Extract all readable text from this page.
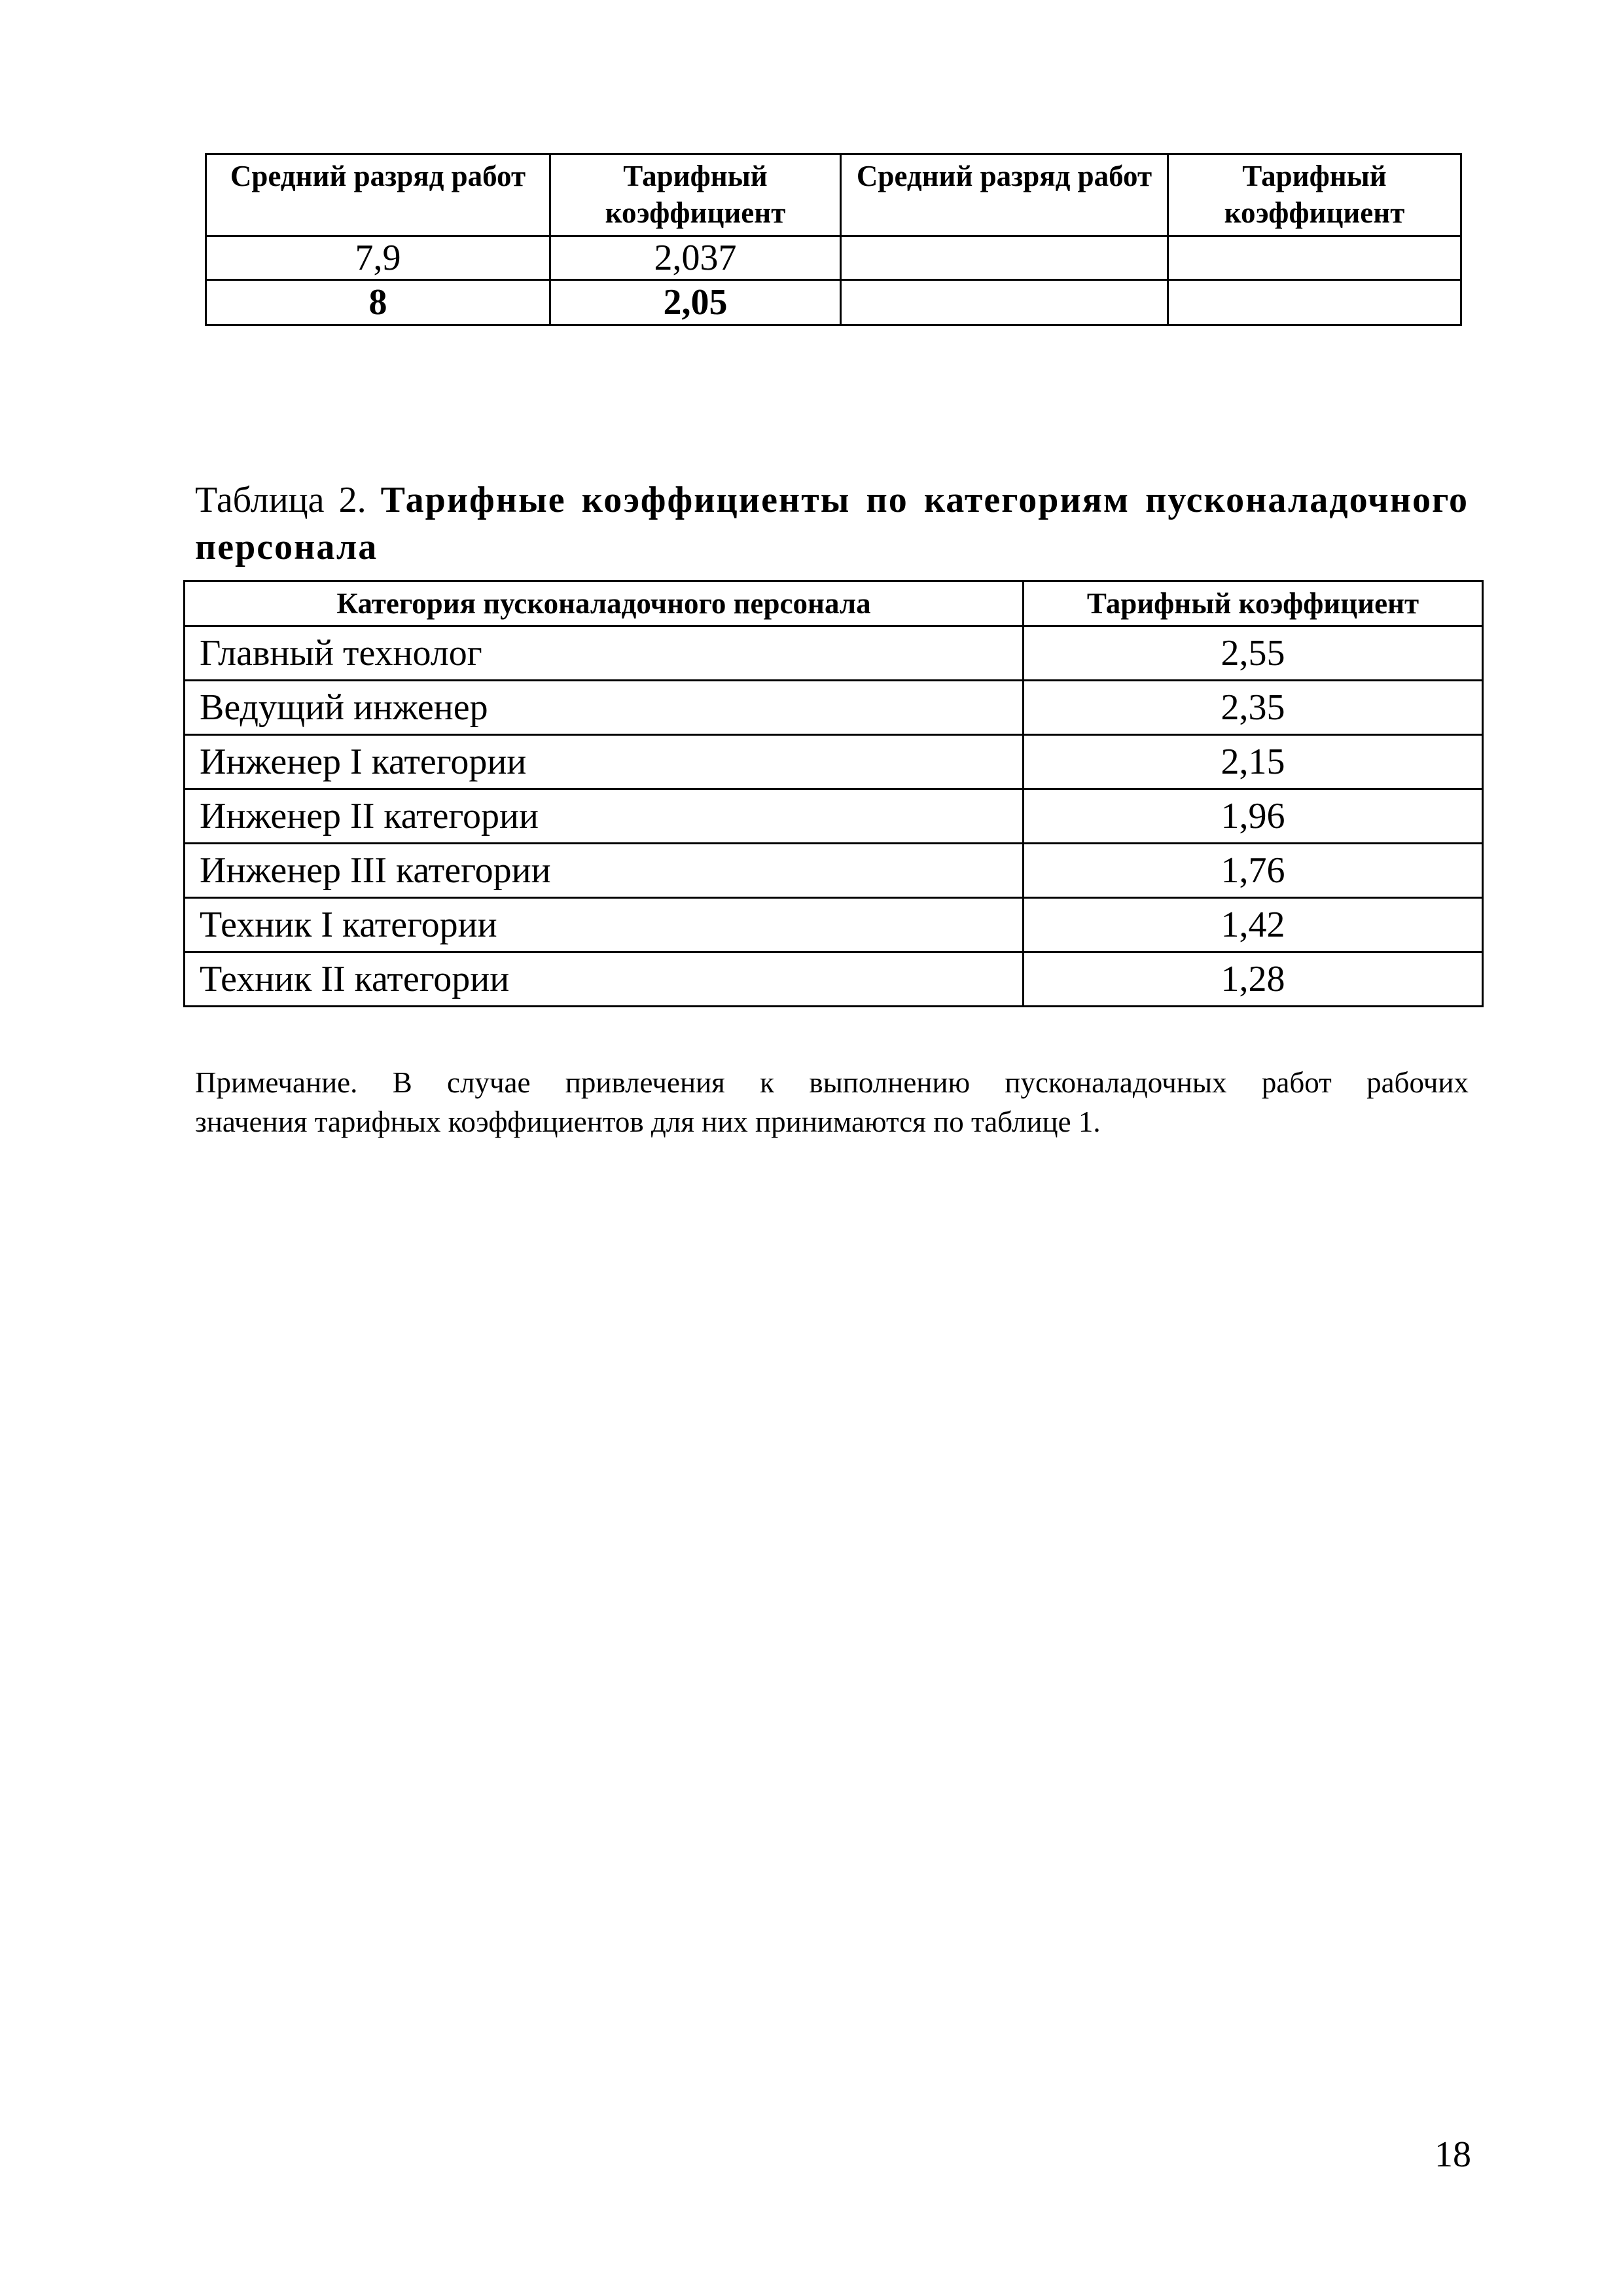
Средний разряд работ	Тарифный коэффициент	Средний разряд работ	Тарифный коэффициент
7,9	2,037		
8	2,05		
Таблица 2. Тарифные коэффициенты по категориям пусконаладочного
персонала
Категория пусконаладочного персонала	Тарифный коэффициент
Главный технолог	2,55
Ведущий инженер	2,35
Инженер I категории	2,15
Инженер II категории	1,96
Инженер III категории	1,76
Техник I категории	1,42
Техник II категории	1,28
Примечание. В случае привлечения к выполнению пусконаладочных работ рабочих
значения тарифных коэффициентов для них принимаются по таблице 1.
18
